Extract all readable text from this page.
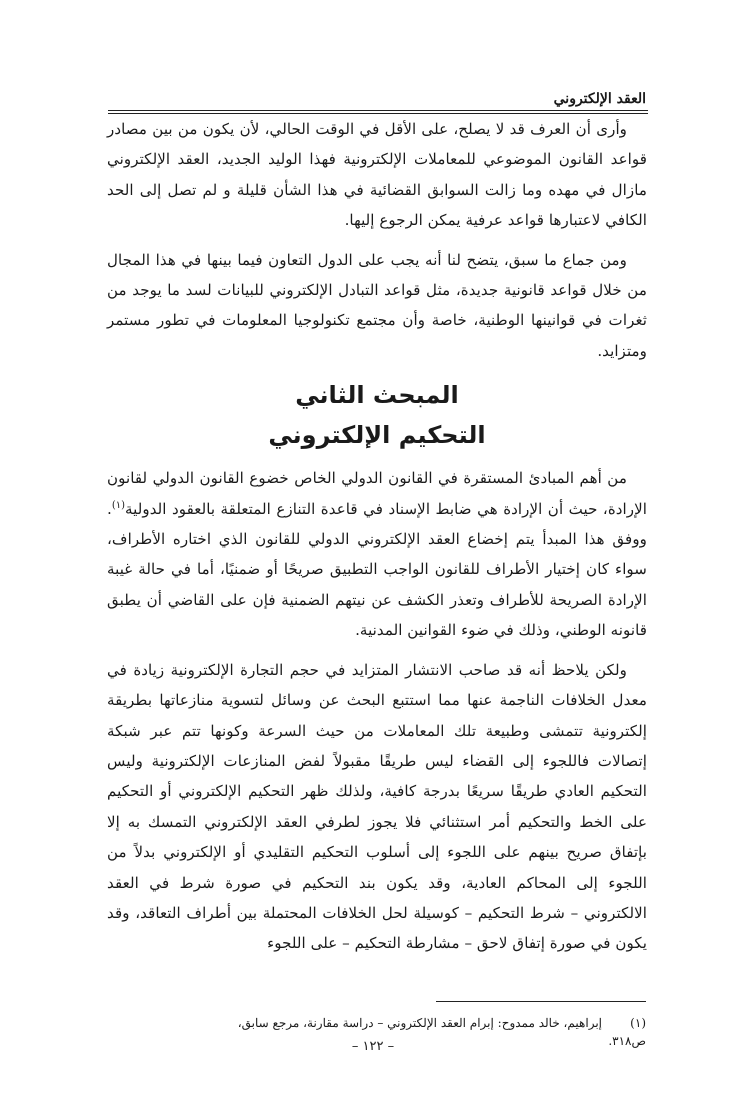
العقد الإلكتروني

وأرى أن العرف قد لا يصلح، على الأقل في الوقت الحالي، لأن يكون من بين مصادر قواعد القانون الموضوعي للمعاملات الإلكترونية فهذا الوليد الجديد، العقد الإلكتروني مازال في مهده وما زالت السوابق القضائية في هذا الشأن قليلة و لم تصل إلى الحد الكافي لاعتبارها قواعد عرفية يمكن الرجوع إليها.

ومن جماع ما سبق، يتضح لنا أنه يجب على الدول التعاون فيما بينها في هذا المجال من خلال قواعد قانونية جديدة، مثل قواعد التبادل الإلكتروني للبيانات لسد ما يوجد من ثغرات في قوانينها الوطنية، خاصة وأن مجتمع تكنولوجيا المعلومات في تطور مستمر ومتزايد.

المبحث الثاني
التحكيم الإلكتروني

من أهم المبادئ المستقرة في القانون الدولي الخاص خضوع القانون الدولي لقانون الإرادة، حيث أن الإرادة هي ضابط الإسناد في قاعدة التنازع المتعلقة بالعقود الدولية$^{(١)}$. ووفق هذا المبدأ يتم إخضاع العقد الإلكتروني الدولي للقانون الذي اختاره الأطراف، سواء كان إختيار الأطراف للقانون الواجب التطبيق صريحًا أو ضمنيًا، أما في حالة غيبة الإرادة الصريحة للأطراف وتعذر الكشف عن نيتهم الضمنية فإن على القاضي أن يطبق قانونه الوطني، وذلك في ضوء القوانين المدنية.

ولكن يلاحظ أنه قد صاحب الانتشار المتزايد في حجم التجارة الإلكترونية زيادة في معدل الخلافات الناجمة عنها مما استتبع البحث عن وسائل لتسوية منازعاتها بطريقة إلكترونية تتمشى وطبيعة تلك المعاملات من حيث السرعة وكونها تتم عبر شبكة إتصالات فاللجوء إلى القضاء ليس طريقًا مقبولاً لفض المنازعات الإلكترونية وليس التحكيم العادي طريقًا سريعًا بدرجة كافية، ولذلك ظهر التحكيم الإلكتروني أو التحكيم على الخط والتحكيم أمر استثنائي فلا يجوز لطرفي العقد الإلكتروني التمسك به إلا بإتفاق صريح بينهم على اللجوء إلى أسلوب التحكيم التقليدي أو الإلكتروني بدلاً من اللجوء إلى المحاكم العادية، وقد يكون بند التحكيم في صورة شرط في العقد الالكتروني – شرط التحكيم – كوسيلة لحل الخلافات المحتملة بين أطراف التعاقد، وقد يكون في صورة إتفاق لاحق – مشارطة التحكيم – على اللجوء

(١)إبراهيم، خالد ممدوح: إبرام العقد الإلكتروني – دراسة مقارنة، مرجع سابق، ص٣١٨.
– ١٢٢ –
